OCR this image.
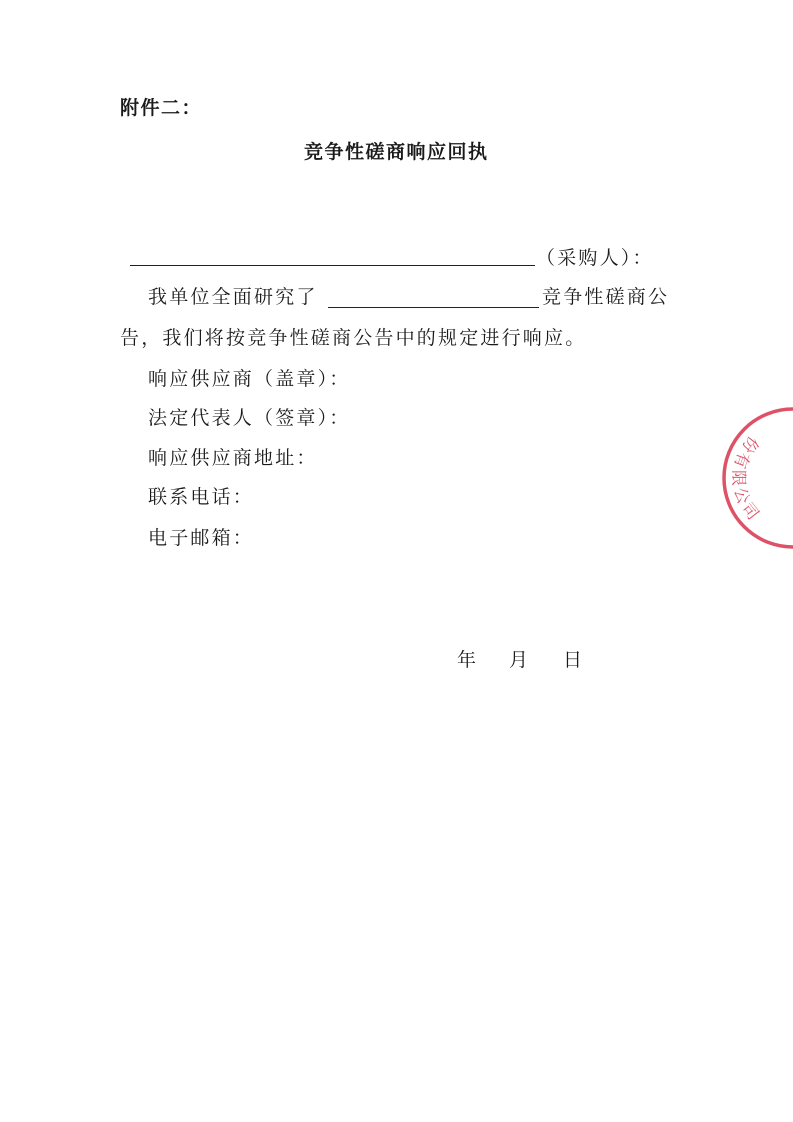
附件二：
竞争性磋商响应回执
（采购人）：
我单位全面研究了	竞争性磋商公
告，我们将按竞争性磋商公告中的规定进行响应。
响应供应商（盖章）：
法定代表人（签章）：
响应供应商地址：
联系电话：
电子邮箱：
年 月 日
份
有
限
公
司
